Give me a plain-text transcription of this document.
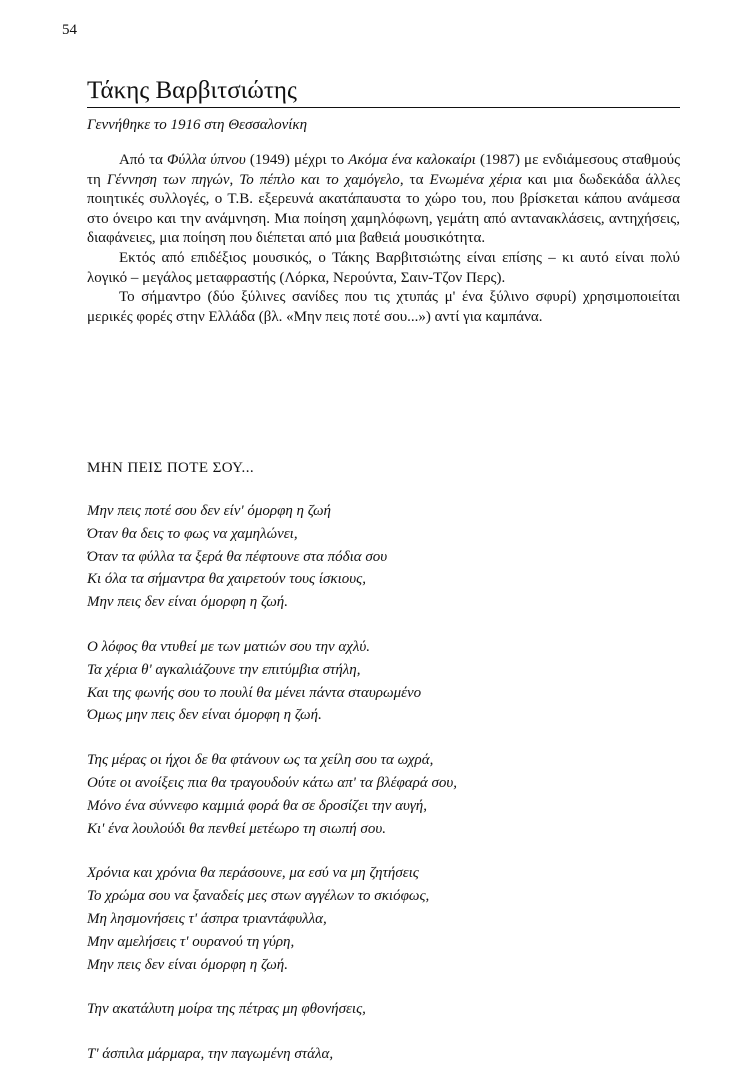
54
Τάκης Βαρβιτσιώτης
Γεννήθηκε το 1916 στη Θεσσαλονίκη

Από τα Φύλλα ύπνου (1949) μέχρι το Ακόμα ένα καλοκαίρι (1987) με ενδιάμεσους σταθμούς τη Γέννηση των πηγών, Το πέπλο και το χαμόγελο, τα Ενωμένα χέρια και μια δωδεκάδα άλλες ποιητικές συλλογές, ο Τ.Β. εξερευνά ακατάπαυστα το χώρο του, που βρίσκεται κάπου ανάμεσα στο όνειρο και την ανάμνηση. Μια ποίηση χαμηλόφωνη, γεμάτη από αντανακλάσεις, αντηχήσεις, διαφάνειες, μια ποίηση που διέπεται από μια βαθειά μουσικότητα.

Εκτός από επιδέξιος μουσικός, ο Τάκης Βαρβιτσιώτης είναι επίσης – κι αυτό είναι πολύ λογικό – μεγάλος μεταφραστής (Λόρκα, Νερούντα, Σαιν-Τζον Περς).

Το σήμαντρο (δύο ξύλινες σανίδες που τις χτυπάς μ' ένα ξύλινο σφυρί) χρησιμοποιείται μερικές φορές στην Ελλάδα (βλ. «Μην πεις ποτέ σου...») αντί για καμπάνα.

ΜΗΝ ΠΕΙΣ ΠΟΤΕ ΣΟΥ...
Μην πεις ποτέ σου δεν είν' όμορφη η ζωή
Όταν θα δεις το φως να χαμηλώνει,
Όταν τα φύλλα τα ξερά θα πέφτουνε στα πόδια σου
Κι όλα τα σήμαντρα θα χαιρετούν τους ίσκιους,
Μην πεις δεν είναι όμορφη η ζωή.
Ο λόφος θα ντυθεί με των ματιών σου την αχλύ.
Τα χέρια θ' αγκαλιάζουνε την επιτύμβια στήλη,
Και της φωνής σου το πουλί θα μένει πάντα σταυρωμένο
Όμως μην πεις δεν είναι όμορφη η ζωή.
Της μέρας οι ήχοι δε θα φτάνουν ως τα χείλη σου τα ωχρά,
Ούτε οι ανοίξεις πια θα τραγουδούν κάτω απ' τα βλέφαρά σου,
Μόνο ένα σύννεφο καμμιά φορά θα σε δροσίζει την αυγή,
Κι' ένα λουλούδι θα πενθεί μετέωρο τη σιωπή σου.
Χρόνια και χρόνια θα περάσουνε, μα εσύ να μη ζητήσεις
Το χρώμα σου να ξαναδείς μες στων αγγέλων το σκιόφως,
Μη λησμονήσεις τ' άσπρα τριαντάφυλλα,
Μην αμελήσεις τ' ουρανού τη γύρη,
Μην πεις δεν είναι όμορφη η ζωή.
Την ακατάλυτη μοίρα της πέτρας μη φθονήσεις,
Τ' άσπιλα μάρμαρα, την παγωμένη στάλα,
